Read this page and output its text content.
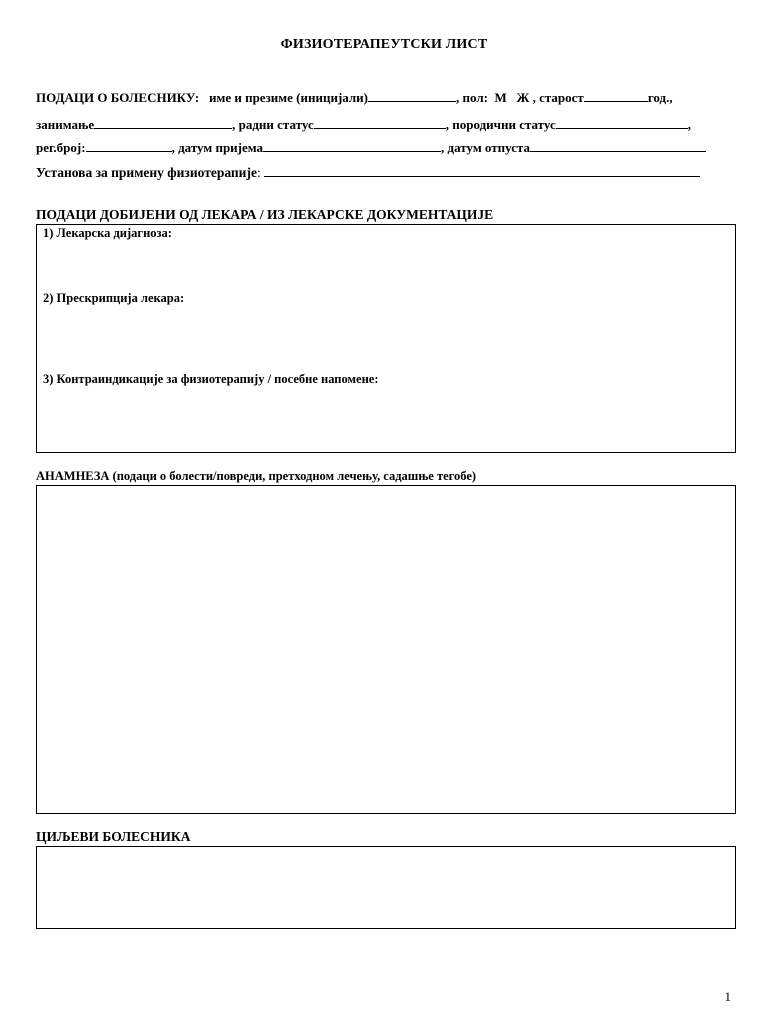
ФИЗИОТЕРАПЕУТСКИ ЛИСТ
ПОДАЦИ О БОЛЕСНИКУ: име и презиме (иницијали)	, пол: М Ж , старост	год.,
занимање	, радни статус	, породични статус	,
рег.број:	, датум пријема	, датум отпуста
Установа за примену физиотерапије:
ПОДАЦИ ДОБИЈЕНИ ОД ЛЕКАРА / ИЗ ЛЕКАРСКЕ ДОКУМЕНТАЦИЈЕ
1) Лекарска дијагноза:
2) Прескрипција лекара:
3) Контраиндикације за физиотерапију / посебне напомене:
АНАМНЕЗА (подаци о болести/повреди, претходном лечењу, садашње тегобе)
ЦИЉЕВИ БОЛЕСНИКА
1
